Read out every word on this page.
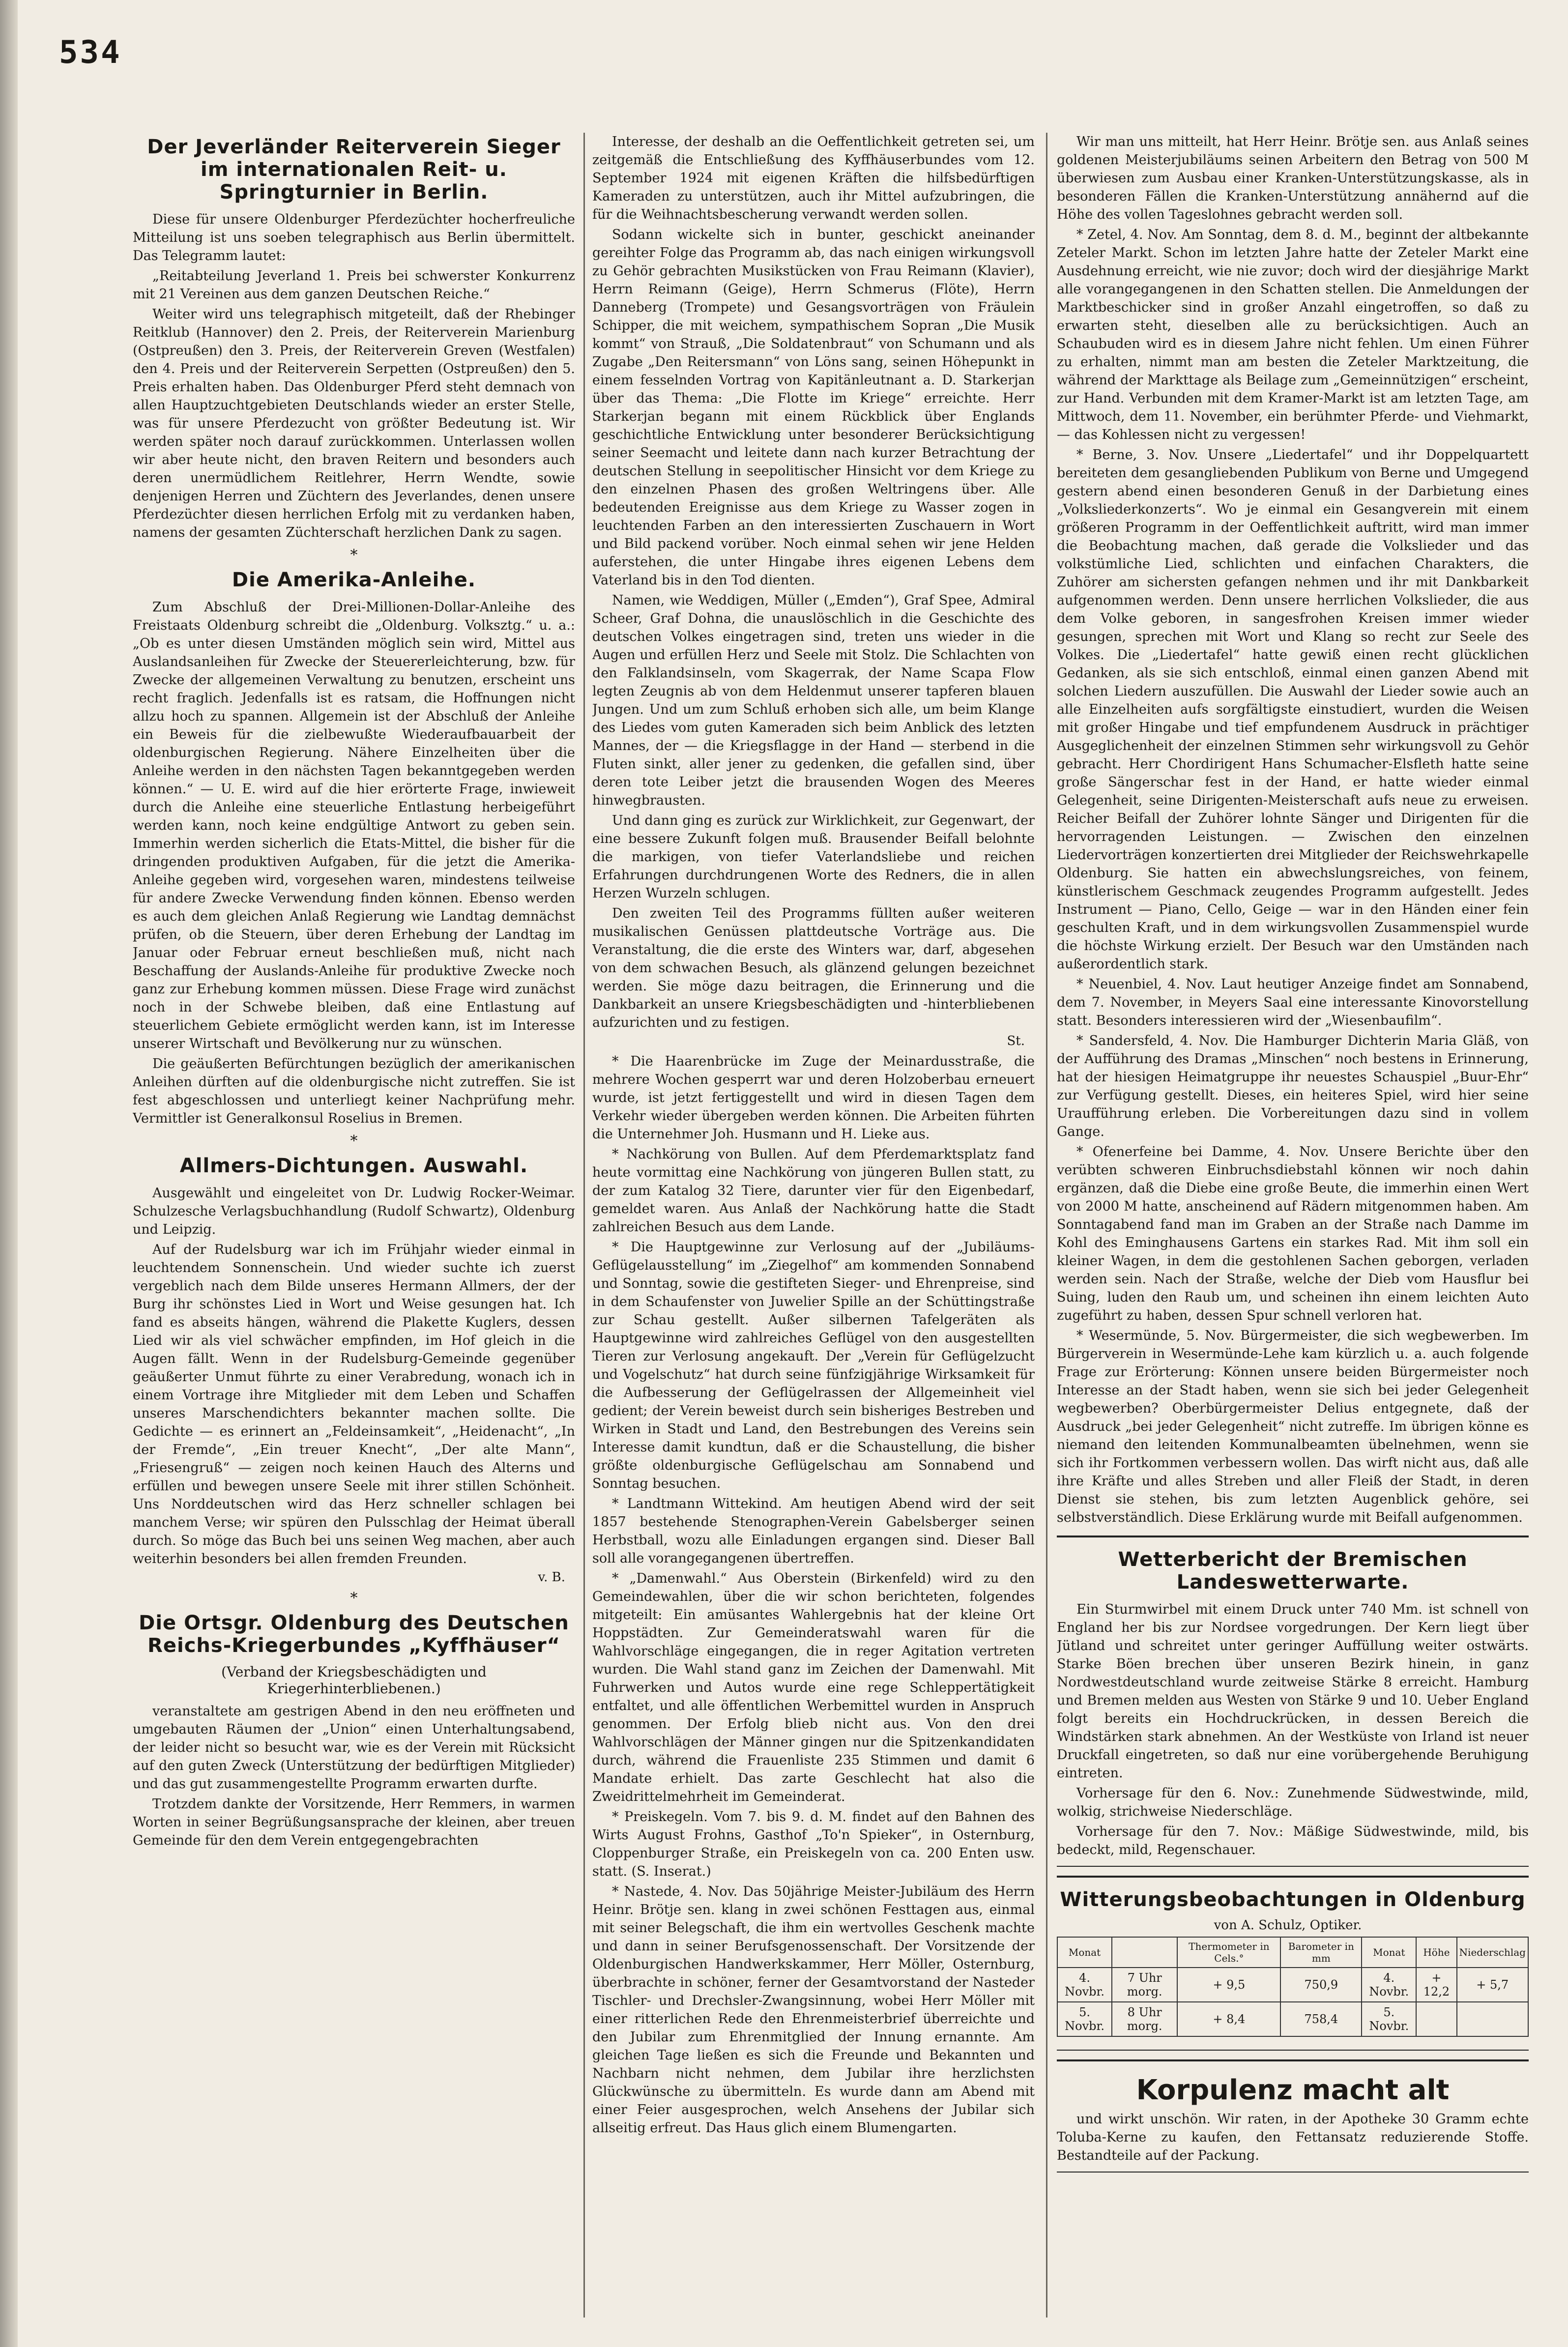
534
Der Jeverländer Reiterverein Sieger im internationalen Reit- u. Springturnier in Berlin.

Diese für unsere Oldenburger Pferdezüchter hocherfreuliche Mitteilung ist uns soeben telegraphisch aus Berlin übermittelt. Das Telegramm lautet:

„Reitabteilung Jeverland 1. Preis bei schwerster Konkurrenz mit 21 Vereinen aus dem ganzen Deutschen Reiche.“

Weiter wird uns telegraphisch mitgeteilt, daß der Rhebinger Reitklub (Hannover) den 2. Preis, der Reiterverein Marienburg (Ostpreußen) den 3. Preis, der Reiterverein Greven (Westfalen) den 4. Preis und der Reiterverein Serpetten (Ostpreußen) den 5. Preis erhalten haben. Das Oldenburger Pferd steht demnach von allen Hauptzuchtgebieten Deutschlands wieder an erster Stelle, was für unsere Pferdezucht von größter Bedeutung ist. Wir werden später noch darauf zurückkommen. Unterlassen wollen wir aber heute nicht, den braven Reitern und besonders auch deren unermüdlichem Reitlehrer, Herrn Wendte, sowie denjenigen Herren und Züchtern des Jeverlandes, denen unsere Pferdezüchter diesen herrlichen Erfolg mit zu verdanken haben, namens der gesamten Züchterschaft herzlichen Dank zu sagen.

*
Die Amerika-Anleihe.

Zum Abschluß der Drei-Millionen-Dollar-Anleihe des Freistaats Oldenburg schreibt die „Oldenburg. Volksztg.“ u. a.: „Ob es unter diesen Umständen möglich sein wird, Mittel aus Auslandsanleihen für Zwecke der Steuererleichterung, bzw. für Zwecke der allgemeinen Verwaltung zu benutzen, erscheint uns recht fraglich. Jedenfalls ist es ratsam, die Hoffnungen nicht allzu hoch zu spannen. Allgemein ist der Abschluß der Anleihe ein Beweis für die zielbewußte Wiederaufbauarbeit der oldenburgischen Regierung. Nähere Einzelheiten über die Anleihe werden in den nächsten Tagen bekanntgegeben werden können.“ — U. E. wird auf die hier erörterte Frage, inwieweit durch die Anleihe eine steuerliche Entlastung herbeigeführt werden kann, noch keine endgültige Antwort zu geben sein. Immerhin werden sicherlich die Etats-Mittel, die bisher für die dringenden produktiven Aufgaben, für die jetzt die Amerika-Anleihe gegeben wird, vorgesehen waren, mindestens teilweise für andere Zwecke Verwendung finden können. Ebenso werden es auch dem gleichen Anlaß Regierung wie Landtag demnächst prüfen, ob die Steuern, über deren Erhebung der Landtag im Januar oder Februar erneut beschließen muß, nicht nach Beschaffung der Auslands-Anleihe für produktive Zwecke noch ganz zur Erhebung kommen müssen. Diese Frage wird zunächst noch in der Schwebe bleiben, daß eine Entlastung auf steuerlichem Gebiete ermöglicht werden kann, ist im Interesse unserer Wirtschaft und Bevölkerung nur zu wünschen.

Die geäußerten Befürchtungen bezüglich der amerikanischen Anleihen dürften auf die oldenburgische nicht zutreffen. Sie ist fest abgeschlossen und unterliegt keiner Nachprüfung mehr. Vermittler ist Generalkonsul Roselius in Bremen.

*
Allmers-Dichtungen. Auswahl.

Ausgewählt und eingeleitet von Dr. Ludwig Rocker-Weimar. Schulzesche Verlagsbuchhandlung (Rudolf Schwartz), Oldenburg und Leipzig.

Auf der Rudelsburg war ich im Frühjahr wieder einmal in leuchtendem Sonnenschein. Und wieder suchte ich zuerst vergeblich nach dem Bilde unseres Hermann Allmers, der der Burg ihr schönstes Lied in Wort und Weise gesungen hat. Ich fand es abseits hängen, während die Plakette Kuglers, dessen Lied wir als viel schwächer empfinden, im Hof gleich in die Augen fällt. Wenn in der Rudelsburg-Gemeinde gegenüber geäußerter Unmut führte zu einer Verabredung, wonach ich in einem Vortrage ihre Mitglieder mit dem Leben und Schaffen unseres Marschendichters bekannter machen sollte. Die Gedichte — es erinnert an „Feldeinsamkeit“, „Heidenacht“, „In der Fremde“, „Ein treuer Knecht“, „Der alte Mann“, „Friesengruß“ — zeigen noch keinen Hauch des Alterns und erfüllen und bewegen unsere Seele mit ihrer stillen Schönheit. Uns Norddeutschen wird das Herz schneller schlagen bei manchem Verse; wir spüren den Pulsschlag der Heimat überall durch. So möge das Buch bei uns seinen Weg machen, aber auch weiterhin besonders bei allen fremden Freunden.

v. B.
*
Die Ortsgr. Oldenburg des Deutschen Reichs-Kriegerbundes „Kyffhäuser“
(Verband der Kriegsbeschädigten und Kriegerhinterbliebenen.)

veranstaltete am gestrigen Abend in den neu eröffneten und umgebauten Räumen der „Union“ einen Unterhaltungsabend, der leider nicht so besucht war, wie es der Verein mit Rücksicht auf den guten Zweck (Unterstützung der bedürftigen Mitglieder) und das gut zusammengestellte Programm erwarten durfte.

Trotzdem dankte der Vorsitzende, Herr Remmers, in warmen Worten in seiner Begrüßungsansprache der kleinen, aber treuen Gemeinde für den dem Verein entgegengebrachten

Interesse, der deshalb an die Oeffentlichkeit getreten sei, um zeitgemäß die Entschließung des Kyffhäuserbundes vom 12. September 1924 mit eigenen Kräften die hilfsbedürftigen Kameraden zu unterstützen, auch ihr Mittel aufzubringen, die für die Weihnachtsbescherung verwandt werden sollen.

Sodann wickelte sich in bunter, geschickt aneinander gereihter Folge das Programm ab, das nach einigen wirkungsvoll zu Gehör gebrachten Musikstücken von Frau Reimann (Klavier), Herrn Reimann (Geige), Herrn Schmerus (Flöte), Herrn Danneberg (Trompete) und Gesangsvorträgen von Fräulein Schipper, die mit weichem, sympathischem Sopran „Die Musik kommt“ von Strauß, „Die Soldatenbraut“ von Schumann und als Zugabe „Den Reitersmann“ von Löns sang, seinen Höhepunkt in einem fesselnden Vortrag von Kapitänleutnant a. D. Starkerjan über das Thema: „Die Flotte im Kriege“ erreichte. Herr Starkerjan begann mit einem Rückblick über Englands geschichtliche Entwicklung unter besonderer Berücksichtigung seiner Seemacht und leitete dann nach kurzer Betrachtung der deutschen Stellung in seepolitischer Hinsicht vor dem Kriege zu den einzelnen Phasen des großen Weltringens über. Alle bedeutenden Ereignisse aus dem Kriege zu Wasser zogen in leuchtenden Farben an den interessierten Zuschauern in Wort und Bild packend vorüber. Noch einmal sehen wir jene Helden auferstehen, die unter Hingabe ihres eigenen Lebens dem Vaterland bis in den Tod dienten.

Namen, wie Weddigen, Müller („Emden“), Graf Spee, Admiral Scheer, Graf Dohna, die unauslöschlich in die Geschichte des deutschen Volkes eingetragen sind, treten uns wieder in die Augen und erfüllen Herz und Seele mit Stolz. Die Schlachten von den Falklandsinseln, vom Skagerrak, der Name Scapa Flow legten Zeugnis ab von dem Heldenmut unserer tapferen blauen Jungen. Und um zum Schluß erhoben sich alle, um beim Klange des Liedes vom guten Kameraden sich beim Anblick des letzten Mannes, der — die Kriegsflagge in der Hand — sterbend in die Fluten sinkt, aller jener zu gedenken, die gefallen sind, über deren tote Leiber jetzt die brausenden Wogen des Meeres hinwegbrausten.

Und dann ging es zurück zur Wirklichkeit, zur Gegenwart, der eine bessere Zukunft folgen muß. Brausender Beifall belohnte die markigen, von tiefer Vaterlandsliebe und reichen Erfahrungen durchdrungenen Worte des Redners, die in allen Herzen Wurzeln schlugen.

Den zweiten Teil des Programms füllten außer weiteren musikalischen Genüssen plattdeutsche Vorträge aus. Die Veranstaltung, die die erste des Winters war, darf, abgesehen von dem schwachen Besuch, als glänzend gelungen bezeichnet werden. Sie möge dazu beitragen, die Erinnerung und die Dankbarkeit an unsere Kriegsbeschädigten und -hinterbliebenen aufzurichten und zu festigen.

St.

* Die Haarenbrücke im Zuge der Meinardusstraße, die mehrere Wochen gesperrt war und deren Holzoberbau erneuert wurde, ist jetzt fertiggestellt und wird in diesen Tagen dem Verkehr wieder übergeben werden können. Die Arbeiten führten die Unternehmer Joh. Husmann und H. Lieke aus.

* Nachkörung von Bullen. Auf dem Pferdemarktsplatz fand heute vormittag eine Nachkörung von jüngeren Bullen statt, zu der zum Katalog 32 Tiere, darunter vier für den Eigenbedarf, gemeldet waren. Aus Anlaß der Nachkörung hatte die Stadt zahlreichen Besuch aus dem Lande.

* Die Hauptgewinne zur Verlosung auf der „Jubiläums-Geflügelausstellung“ im „Ziegelhof“ am kommenden Sonnabend und Sonntag, sowie die gestifteten Sieger- und Ehrenpreise, sind in dem Schaufenster von Juwelier Spille an der Schüttingstraße zur Schau gestellt. Außer silbernen Tafelgeräten als Hauptgewinne wird zahlreiches Geflügel von den ausgestellten Tieren zur Verlosung angekauft. Der „Verein für Geflügelzucht und Vogelschutz“ hat durch seine fünfzigjährige Wirksamkeit für die Aufbesserung der Geflügelrassen der Allgemeinheit viel gedient; der Verein beweist durch sein bisheriges Bestreben und Wirken in Stadt und Land, den Bestrebungen des Vereins sein Interesse damit kundtun, daß er die Schaustellung, die bisher größte oldenburgische Geflügelschau am Sonnabend und Sonntag besuchen.

* Landtmann Wittekind. Am heutigen Abend wird der seit 1857 bestehende Stenographen-Verein Gabelsberger seinen Herbstball, wozu alle Einladungen ergangen sind. Dieser Ball soll alle vorangegangenen übertreffen.

* „Damenwahl.“ Aus Oberstein (Birkenfeld) wird zu den Gemeindewahlen, über die wir schon berichteten, folgendes mitgeteilt: Ein amüsantes Wahlergebnis hat der kleine Ort Hoppstädten. Zur Gemeinderatswahl waren für die Wahlvorschläge eingegangen, die in reger Agitation vertreten wurden. Die Wahl stand ganz im Zeichen der Damenwahl. Mit Fuhrwerken und Autos wurde eine rege Schleppertätigkeit entfaltet, und alle öffentlichen Werbemittel wurden in Anspruch genommen. Der Erfolg blieb nicht aus. Von den drei Wahlvorschlägen der Männer gingen nur die Spitzenkandidaten durch, während die Frauenliste 235 Stimmen und damit 6 Mandate erhielt. Das zarte Geschlecht hat also die Zweidrittelmehrheit im Gemeinderat.

* Preiskegeln. Vom 7. bis 9. d. M. findet auf den Bahnen des Wirts August Frohns, Gasthof „To'n Spieker“, in Osternburg, Cloppenburger Straße, ein Preiskegeln von ca. 200 Enten usw. statt. (S. Inserat.)

* Nastede, 4. Nov. Das 50jährige Meister-Jubiläum des Herrn Heinr. Brötje sen. klang in zwei schönen Festtagen aus, einmal mit seiner Belegschaft, die ihm ein wertvolles Geschenk machte und dann in seiner Berufsgenossenschaft. Der Vorsitzende der Oldenburgischen Handwerkskammer, Herr Möller, Osternburg, überbrachte in schöner, ferner der Gesamtvorstand der Nasteder Tischler- und Drechsler-Zwangsinnung, wobei Herr Möller mit einer ritterlichen Rede den Ehrenmeisterbrief überreichte und den Jubilar zum Ehrenmitglied der Innung ernannte. Am gleichen Tage ließen es sich die Freunde und Bekannten und Nachbarn nicht nehmen, dem Jubilar ihre herzlichsten Glückwünsche zu übermitteln. Es wurde dann am Abend mit einer Feier ausgesprochen, welch Ansehens der Jubilar sich allseitig erfreut. Das Haus glich einem Blumengarten.

Wir man uns mitteilt, hat Herr Heinr. Brötje sen. aus Anlaß seines goldenen Meisterjubiläums seinen Arbeitern den Betrag von 500 M überwiesen zum Ausbau einer Kranken-Unterstützungskasse, als in besonderen Fällen die Kranken-Unterstützung annähernd auf die Höhe des vollen Tageslohnes gebracht werden soll.

* Zetel, 4. Nov. Am Sonntag, dem 8. d. M., beginnt der altbekannte Zeteler Markt. Schon im letzten Jahre hatte der Zeteler Markt eine Ausdehnung erreicht, wie nie zuvor; doch wird der diesjährige Markt alle vorangegangenen in den Schatten stellen. Die Anmeldungen der Marktbeschicker sind in großer Anzahl eingetroffen, so daß zu erwarten steht, dieselben alle zu berücksichtigen. Auch an Schaubuden wird es in diesem Jahre nicht fehlen. Um einen Führer zu erhalten, nimmt man am besten die Zeteler Marktzeitung, die während der Markttage als Beilage zum „Gemeinnützigen“ erscheint, zur Hand. Verbunden mit dem Kramer-Markt ist am letzten Tage, am Mittwoch, dem 11. November, ein berühmter Pferde- und Viehmarkt, — das Kohlessen nicht zu vergessen!

* Berne, 3. Nov. Unsere „Liedertafel“ und ihr Doppelquartett bereiteten dem gesangliebenden Publikum von Berne und Umgegend gestern abend einen besonderen Genuß in der Darbietung eines „Volksliederkonzerts“. Wo je einmal ein Gesangverein mit einem größeren Programm in der Oeffentlichkeit auftritt, wird man immer die Beobachtung machen, daß gerade die Volkslieder und das volkstümliche Lied, schlichten und einfachen Charakters, die Zuhörer am sichersten gefangen nehmen und ihr mit Dankbarkeit aufgenommen werden. Denn unsere herrlichen Volkslieder, die aus dem Volke geboren, in sangesfrohen Kreisen immer wieder gesungen, sprechen mit Wort und Klang so recht zur Seele des Volkes. Die „Liedertafel“ hatte gewiß einen recht glücklichen Gedanken, als sie sich entschloß, einmal einen ganzen Abend mit solchen Liedern auszufüllen. Die Auswahl der Lieder sowie auch an alle Einzelheiten aufs sorgfältigste einstudiert, wurden die Weisen mit großer Hingabe und tief empfundenem Ausdruck in prächtiger Ausgeglichenheit der einzelnen Stimmen sehr wirkungsvoll zu Gehör gebracht. Herr Chordirigent Hans Schumacher-Elsfleth hatte seine große Sängerschar fest in der Hand, er hatte wieder einmal Gelegenheit, seine Dirigenten-Meisterschaft aufs neue zu erweisen. Reicher Beifall der Zuhörer lohnte Sänger und Dirigenten für die hervorragenden Leistungen. — Zwischen den einzelnen Liedervorträgen konzertierten drei Mitglieder der Reichswehrkapelle Oldenburg. Sie hatten ein abwechslungsreiches, von feinem, künstlerischem Geschmack zeugendes Programm aufgestellt. Jedes Instrument — Piano, Cello, Geige — war in den Händen einer fein geschulten Kraft, und in dem wirkungsvollen Zusammenspiel wurde die höchste Wirkung erzielt. Der Besuch war den Umständen nach außerordentlich stark.

* Neuenbiel, 4. Nov. Laut heutiger Anzeige findet am Sonnabend, dem 7. November, in Meyers Saal eine interessante Kinovorstellung statt. Besonders interessieren wird der „Wiesenbaufilm“.

* Sandersfeld, 4. Nov. Die Hamburger Dichterin Maria Gläß, von der Aufführung des Dramas „Minschen“ noch bestens in Erinnerung, hat der hiesigen Heimatgruppe ihr neuestes Schauspiel „Buur-Ehr“ zur Verfügung gestellt. Dieses, ein heiteres Spiel, wird hier seine Uraufführung erleben. Die Vorbereitungen dazu sind in vollem Gange.

* Ofenerfeine bei Damme, 4. Nov. Unsere Berichte über den verübten schweren Einbruchsdiebstahl können wir noch dahin ergänzen, daß die Diebe eine große Beute, die immerhin einen Wert von 2000 M hatte, anscheinend auf Rädern mitgenommen haben. Am Sonntagabend fand man im Graben an der Straße nach Damme im Kohl des Eminghausens Gartens ein starkes Rad. Mit ihm soll ein kleiner Wagen, in dem die gestohlenen Sachen geborgen, verladen werden sein. Nach der Straße, welche der Dieb vom Hausflur bei Suing, luden den Raub um, und scheinen ihn einem leichten Auto zugeführt zu haben, dessen Spur schnell verloren hat.

* Wesermünde, 5. Nov. Bürgermeister, die sich wegbewerben. Im Bürgerverein in Wesermünde-Lehe kam kürzlich u. a. auch folgende Frage zur Erörterung: Können unsere beiden Bürgermeister noch Interesse an der Stadt haben, wenn sie sich bei jeder Gelegenheit wegbewerben? Oberbürgermeister Delius entgegnete, daß der Ausdruck „bei jeder Gelegenheit“ nicht zutreffe. Im übrigen könne es niemand den leitenden Kommunalbeamten übelnehmen, wenn sie sich ihr Fortkommen verbessern wollen. Das wirft nicht aus, daß alle ihre Kräfte und alles Streben und aller Fleiß der Stadt, in deren Dienst sie stehen, bis zum letzten Augenblick gehöre, sei selbstverständlich. Diese Erklärung wurde mit Beifall aufgenommen.

Wetterbericht der Bremischen Landeswetterwarte.

Ein Sturmwirbel mit einem Druck unter 740 Mm. ist schnell von England her bis zur Nordsee vorgedrungen. Der Kern liegt über Jütland und schreitet unter geringer Auffüllung weiter ostwärts. Starke Böen brechen über unseren Bezirk hinein, in ganz Nordwestdeutschland wurde zeitweise Stärke 8 erreicht. Hamburg und Bremen melden aus Westen von Stärke 9 und 10. Ueber England folgt bereits ein Hochdruckrücken, in dessen Bereich die Windstärken stark abnehmen. An der Westküste von Irland ist neuer Druckfall eingetreten, so daß nur eine vorübergehende Beruhigung eintreten.

Vorhersage für den 6. Nov.: Zunehmende Südwestwinde, mild, wolkig, strichweise Niederschläge.

Vorhersage für den 7. Nov.: Mäßige Südwestwinde, mild, bis bedeckt, mild, Regenschauer.

Witterungsbeobachtungen in Oldenburg
von A. Schulz, Optiker.
Monat		Thermometer in Cels.°	Barometer in mm	Monat	Höhe	Niederschlag
4. Novbr.	7 Uhr morg.	+ 9,5	750,9	4. Novbr.	+ 12,2	+ 5,7
5. Novbr.	8 Uhr morg.	+ 8,4	758,4	5. Novbr.		
Korpulenz macht alt

und wirkt unschön. Wir raten, in der Apotheke 30 Gramm echte Toluba-Kerne zu kaufen, den Fettansatz reduzierende Stoffe. Bestandteile auf der Packung.
